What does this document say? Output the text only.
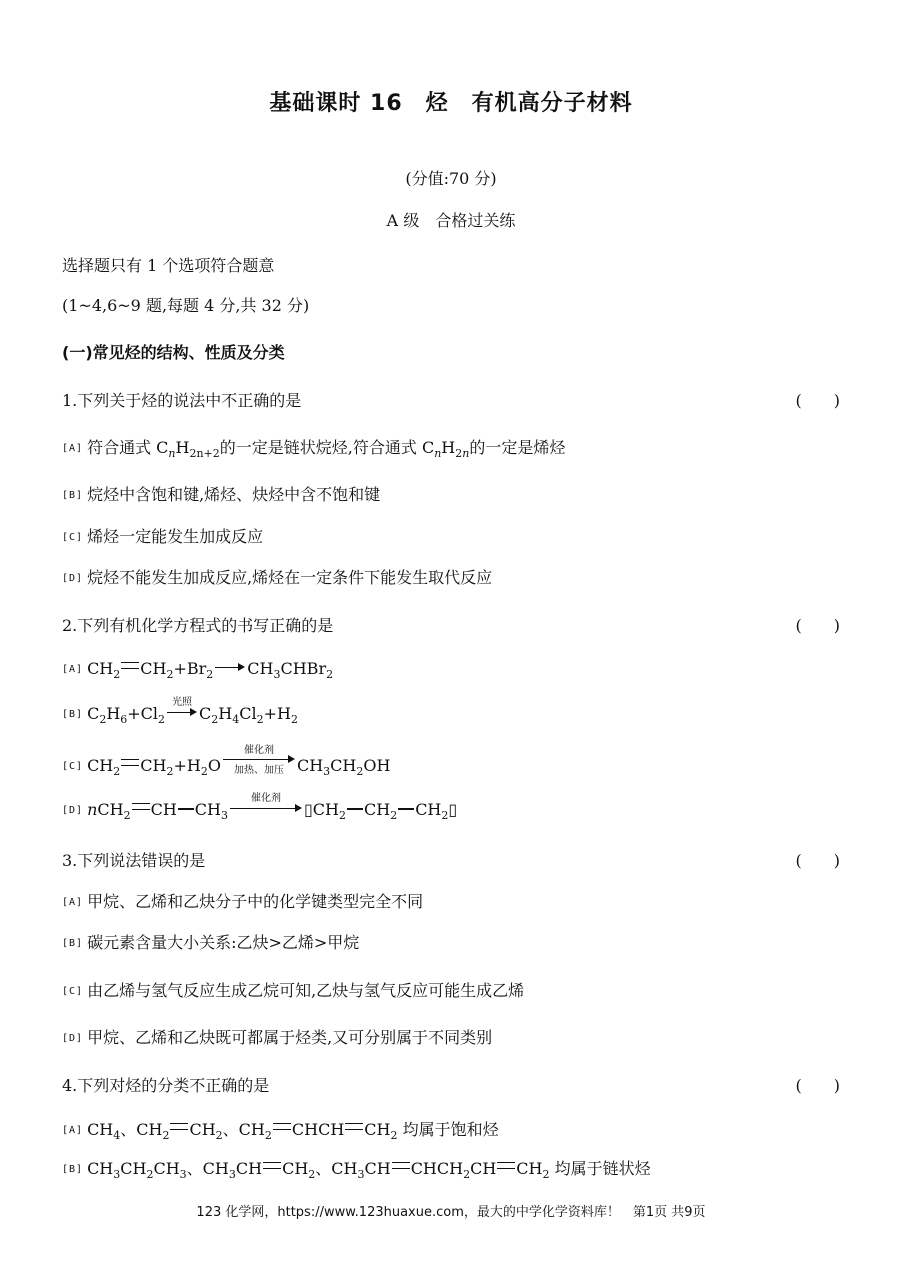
基础课时 16　烃　有机高分子材料
(分值:70 分)
A 级　合格过关练
选择题只有 1 个选项符合题意
(1~4,6~9 题,每题 4 分,共 32 分)
(一)常见烃的结构、性质及分类
1.下列关于烃的说法中不正确的是	(　　)
[A] 符合通式 $C_nH_{2n+2}$的一定是链状烷烃,符合通式 $C_nH_{2n}$的一定是烯烃
[B] 烷烃中含饱和键,烯烃、炔烃中含不饱和键
[C] 烯烃一定能发生加成反应
[D] 烷烃不能发生加成反应,烯烃在一定条件下能发生取代反应
2.下列有机化学方程式的书写正确的是	(　　)
[A] $CH_2$ $CH_2+Br_2$ $CH_3CHBr_2$
[B] $C_2H_6+Cl_2$
光照
$C_2H_4Cl_2+H_2$
[C] $CH_2$ $CH_2+H_2O$
催化剂
加热、加压 $CH_3CH_2OH$
[D] nCH$_2$ CH $CH_3$
催化剂
$▯CH_2$ $CH_2$ $CH_2▯$
3.下列说法错误的是	(　　)
[A] 甲烷、乙烯和乙炔分子中的化学键类型完全不同
[B] 碳元素含量大小关系:乙炔>乙烯>甲烷
[C] 由乙烯与氢气反应生成乙烷可知,乙炔与氢气反应可能生成乙烯
[D] 甲烷、乙烯和乙炔既可都属于烃类,又可分别属于不同类别
4.下列对烃的分类不正确的是	(　　)
[A] $CH_4$、$CH_2$ $CH_2$、$CH_2$ CHCH $CH_2$ 均属于饱和烃
[B] $CH_3CH_2CH_3$、$CH_3CH$ $CH_2$、$CH_3CH$ $CHCH_2CH$ $CH_2$ 均属于链状烃
123 化学网，https://www.123huaxue.com，最大的中学化学资料库！　第1页 共9页
